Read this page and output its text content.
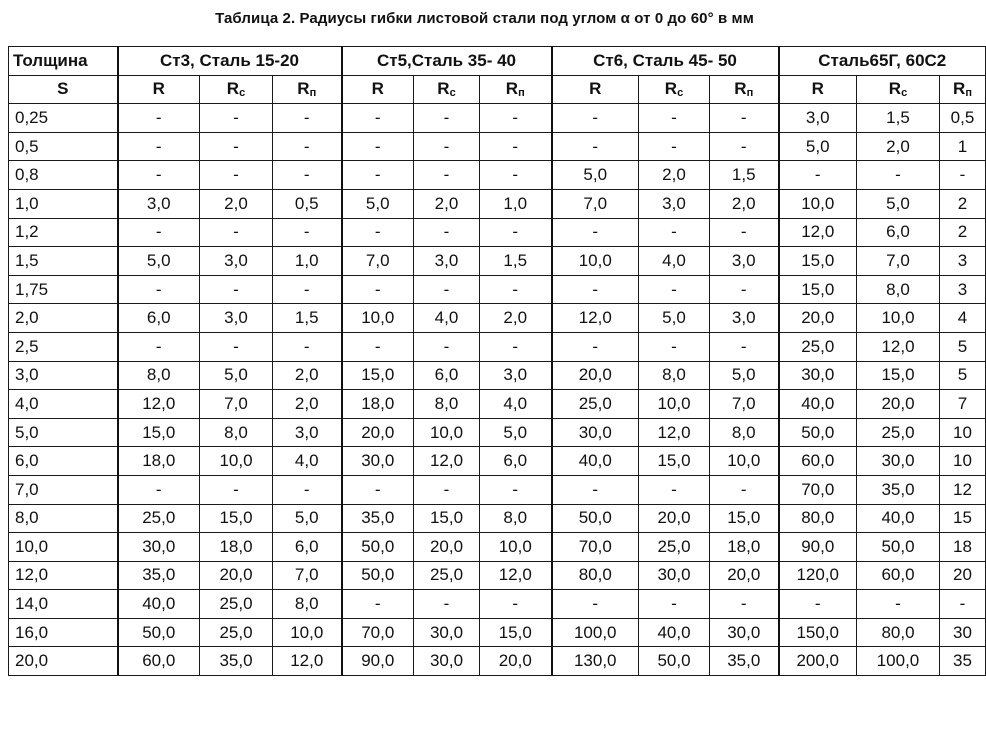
Таблица 2. Радиусы гибки листовой стали под углом α от 0 до 60° в мм
Толщина	Ст3, Сталь 15-20			Ст5,Сталь 35- 40			Ст6, Сталь 45- 50			Сталь65Г, 60С2		
S	R	$R_с$	$R_п$	R	$R_с$	$R_п$	R	$R_с$	$R_п$	R	$R_с$	$R_п$
0,25	-	-	-	-	-	-	-	-	-	3,0	1,5	0,5
0,5	-	-	-	-	-	-	-	-	-	5,0	2,0	1
0,8	-	-	-	-	-	-	5,0	2,0	1,5	-	-	-
1,0	3,0	2,0	0,5	5,0	2,0	1,0	7,0	3,0	2,0	10,0	5,0	2
1,2	-	-	-	-	-	-	-	-	-	12,0	6,0	2
1,5	5,0	3,0	1,0	7,0	3,0	1,5	10,0	4,0	3,0	15,0	7,0	3
1,75	-	-	-	-	-	-	-	-	-	15,0	8,0	3
2,0	6,0	3,0	1,5	10,0	4,0	2,0	12,0	5,0	3,0	20,0	10,0	4
2,5	-	-	-	-	-	-	-	-	-	25,0	12,0	5
3,0	8,0	5,0	2,0	15,0	6,0	3,0	20,0	8,0	5,0	30,0	15,0	5
4,0	12,0	7,0	2,0	18,0	8,0	4,0	25,0	10,0	7,0	40,0	20,0	7
5,0	15,0	8,0	3,0	20,0	10,0	5,0	30,0	12,0	8,0	50,0	25,0	10
6,0	18,0	10,0	4,0	30,0	12,0	6,0	40,0	15,0	10,0	60,0	30,0	10
7,0	-	-	-	-	-	-	-	-	-	70,0	35,0	12
8,0	25,0	15,0	5,0	35,0	15,0	8,0	50,0	20,0	15,0	80,0	40,0	15
10,0	30,0	18,0	6,0	50,0	20,0	10,0	70,0	25,0	18,0	90,0	50,0	18
12,0	35,0	20,0	7,0	50,0	25,0	12,0	80,0	30,0	20,0	120,0	60,0	20
14,0	40,0	25,0	8,0	-	-	-	-	-	-	-	-	-
16,0	50,0	25,0	10,0	70,0	30,0	15,0	100,0	40,0	30,0	150,0	80,0	30
20,0	60,0	35,0	12,0	90,0	30,0	20,0	130,0	50,0	35,0	200,0	100,0	35
